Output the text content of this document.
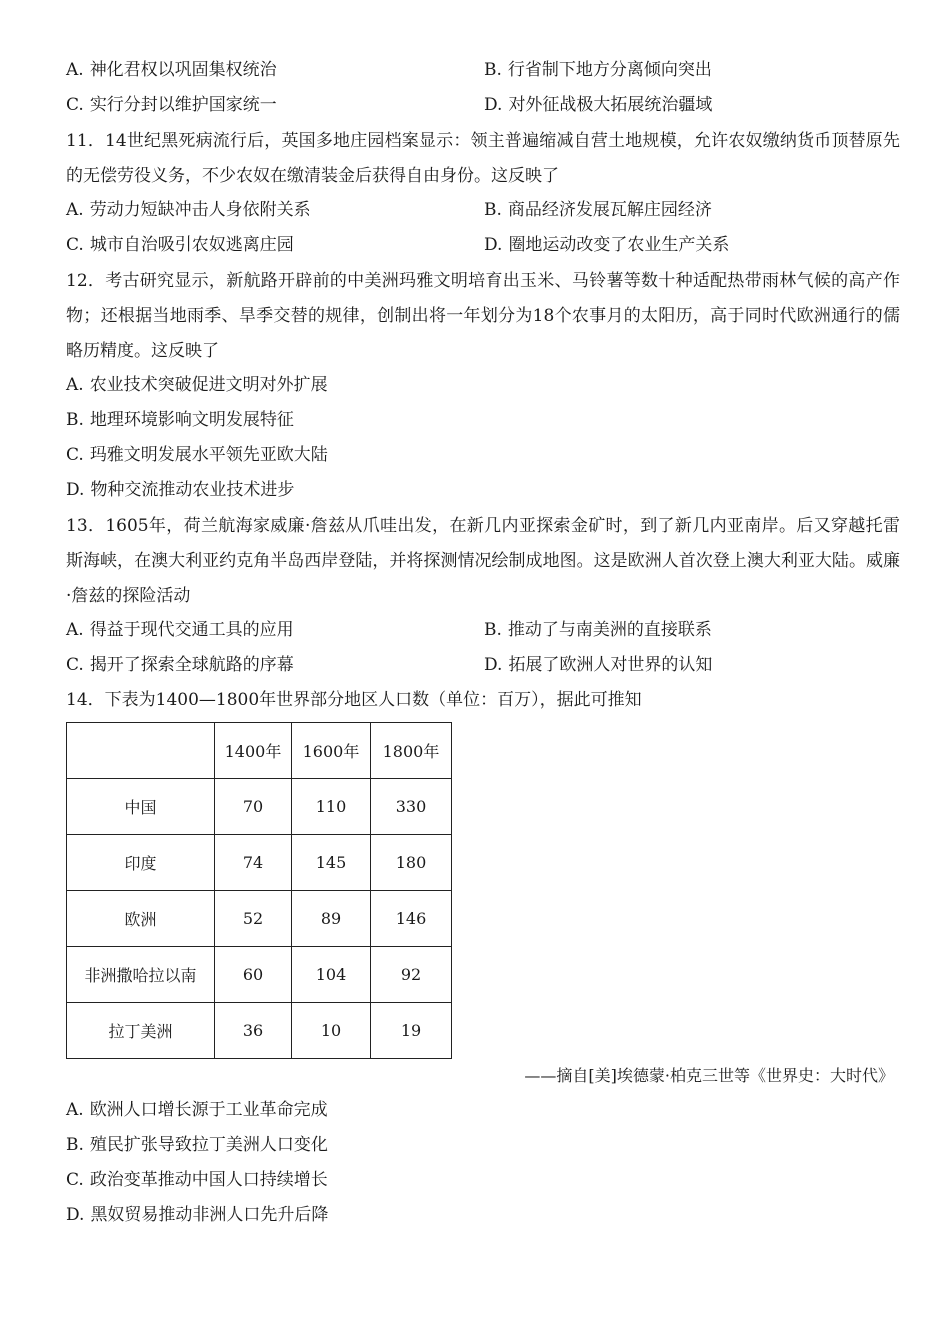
A. 神化君权以巩固集权统治	B. 行省制下地方分离倾向突出
C. 实行分封以维护国家统一	D. 对外征战极大拓展统治疆域
11．14世纪黑死病流行后，英国多地庄园档案显示：领主普遍缩减自营土地规模，允许农奴缴纳货币顶替原先的无偿劳役义务，不少农奴在缴清装金后获得自由身份。这反映了
A. 劳动力短缺冲击人身依附关系	B. 商品经济发展瓦解庄园经济
C. 城市自治吸引农奴逃离庄园	D. 圈地运动改变了农业生产关系
12．考古研究显示，新航路开辟前的中美洲玛雅文明培育出玉米、马铃薯等数十种适配热带雨林气候的高产作物；还根据当地雨季、旱季交替的规律，创制出将一年划分为18个农事月的太阳历，高于同时代欧洲通行的儒略历精度。这反映了
A. 农业技术突破促进文明对外扩展
B. 地理环境影响文明发展特征
C. 玛雅文明发展水平领先亚欧大陆
D. 物种交流推动农业技术进步
13．1605年，荷兰航海家威廉·詹兹从爪哇出发，在新几内亚探索金矿时，到了新几内亚南岸。后又穿越托雷斯海峡，在澳大利亚约克角半岛西岸登陆，并将探测情况绘制成地图。这是欧洲人首次登上澳大利亚大陆。威廉·詹兹的探险活动
A. 得益于现代交通工具的应用	B. 推动了与南美洲的直接联系
C. 揭开了探索全球航路的序幕	D. 拓展了欧洲人对世界的认知
14．下表为1400—1800年世界部分地区人口数（单位：百万），据此可推知
	1400年	1600年	1800年
中国	70	110	330
印度	74	145	180
欧洲	52	89	146
非洲撒哈拉以南	60	104	92
拉丁美洲	36	10	19
——摘自[美]埃德蒙·柏克三世等《世界史：大时代》
A. 欧洲人口增长源于工业革命完成
B. 殖民扩张导致拉丁美洲人口变化
C. 政治变革推动中国人口持续增长
D. 黑奴贸易推动非洲人口先升后降
